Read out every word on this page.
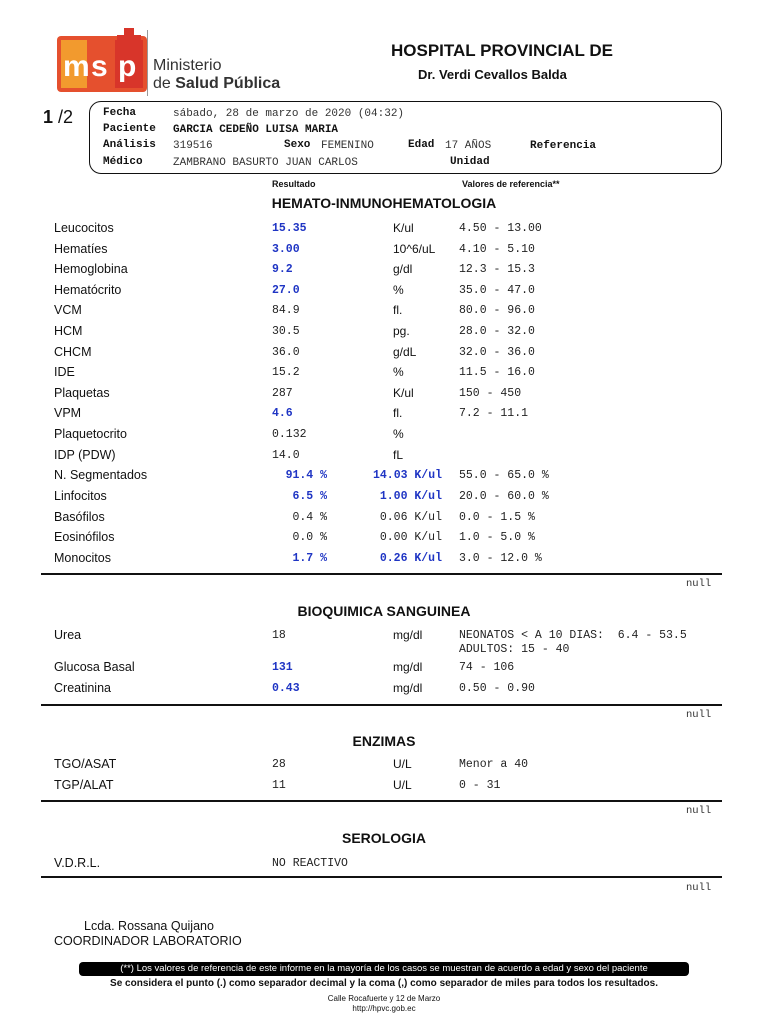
m s p Ministerio
de Salud Pública
HOSPITAL PROVINCIAL DE
Dr. Verdi Cevallos Balda
1 /2	Fecha	sábado, 28 de marzo de 2020 (04:32)
Paciente GARCIA CEDEÑO LUISA MARIA
Análisis 319516	Sexo FEMENINO	Edad 17 AÑOS	Referencia
Médico	ZAMBRANO BASURTO JUAN CARLOS	Unidad
Resultado	Valores de referencia**
HEMATO-INMUNOHEMATOLOGIA
Leucocitos	15.35	K/ul	4.50 - 13.00
Hematíes	3.00	10^6/uL 4.10 - 5.10
Hemoglobina	9.2	g/dl	12.3 - 15.3
Hematócrito	27.0	%	35.0 - 47.0
VCM	84.9	fl.	80.0 - 96.0
HCM	30.5	pg.	28.0 - 32.0
CHCM	36.0	g/dL	32.0 - 36.0
IDE	15.2	%	11.5 - 16.0
Plaquetas	287	K/ul	150 - 450
VPM	4.6	fl.	7.2 - 11.1
Plaquetocrito	0.132	%
IDP (PDW)	14.0	fL
N. Segmentados	91.4 %	14.03 K/ul 55.0 - 65.0 %
Linfocitos	6.5 %	1.00 K/ul 20.0 - 60.0 %
Basófilos	0.4 %	0.06 K/ul 0.0 - 1.5 %
Eosinófilos	0.0 %	0.00 K/ul 1.0 - 5.0 %
Monocitos	1.7 %	0.26 K/ul 3.0 - 12.0 %
null
BIOQUIMICA SANGUINEA
Urea	18	mg/dl	NEONATOS < A 10 DIAS:  6.4 - 53.5
ADULTOS: 15 - 40
Glucosa Basal	131	mg/dl	74 - 106
Creatinina	0.43	mg/dl	0.50 - 0.90
null
ENZIMAS
TGO/ASAT	28	U/L	Menor a 40
TGP/ALAT	11	U/L	0 - 31
null
SEROLOGIA
V.D.R.L.	NO REACTIVO
null
Lcda. Rossana Quijano
COORDINADOR LABORATORIO
(**) Los valores de referencia de este informe en la mayoría de los casos se muestran de acuerdo a edad y sexo del paciente
Se considera el punto (.) como separador decimal y la coma (,) como separador de miles para todos los resultados.
Calle Rocafuerte y 12 de Marzo
http://hpvc.gob.ec
